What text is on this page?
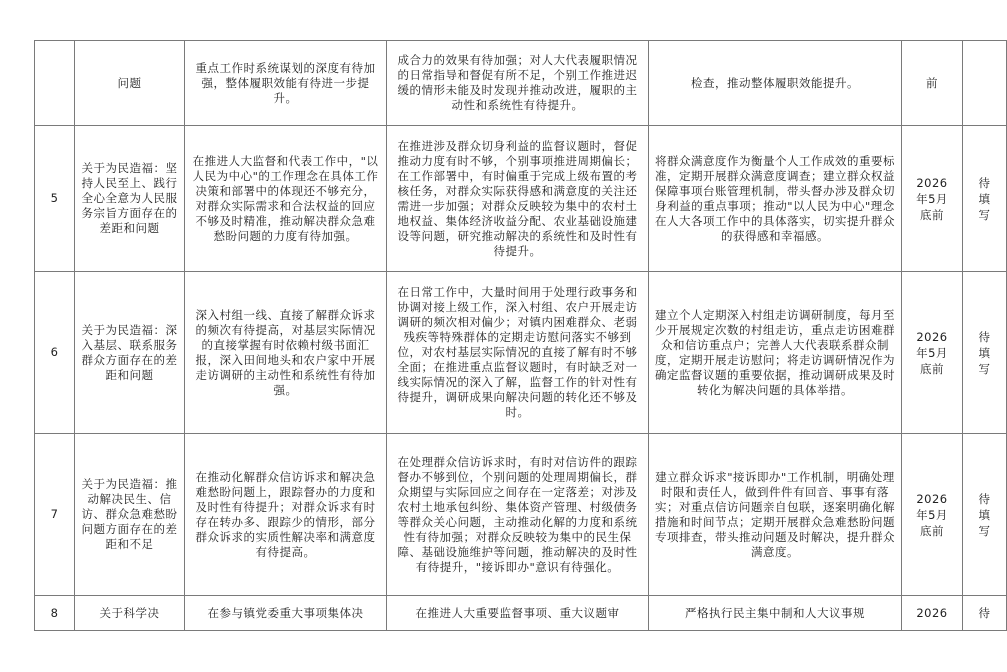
	问题	重点工作时系统谋划的深度有待加强，整体履职效能有待进一步提升。	成合力的效果有待加强；对人大代表履职情况的日常指导和督促有所不足，个别工作推进迟缓的情形未能及时发现并推动改进，履职的主动性和系统性有待提升。	检查，推动整体履职效能提升。	前	
5	关于为民造福：坚持人民至上、践行全心全意为人民服务宗旨方面存在的差距和问题	在推进人大监督和代表工作中，"以人民为中心"的工作理念在具体工作决策和部署中的体现还不够充分，对群众实际需求和合法权益的回应不够及时精准，推动解决群众急难愁盼问题的力度有待加强。	在推进涉及群众切身利益的监督议题时，督促推动力度有时不够，个别事项推进周期偏长；在工作部署中，有时偏重于完成上级布置的考核任务，对群众实际获得感和满意度的关注还需进一步加强；对群众反映较为集中的农村土地权益、集体经济收益分配、农业基础设施建设等问题，研究推动解决的系统性和及时性有待提升。	将群众满意度作为衡量个人工作成效的重要标准，定期开展群众满意度调查；建立群众权益保障事项台账管理机制，带头督办涉及群众切身利益的重点事项；推动"以人民为中心"理念在人大各项工作中的具体落实，切实提升群众的获得感和幸福感。	2026年5月底前	待填写
6	关于为民造福：深入基层、联系服务群众方面存在的差距和问题	深入村组一线、直接了解群众诉求的频次有待提高，对基层实际情况的直接掌握有时依赖村级书面汇报，深入田间地头和农户家中开展走访调研的主动性和系统性有待加强。	在日常工作中，大量时间用于处理行政事务和协调对接上级工作，深入村组、农户开展走访调研的频次相对偏少；对镇内困难群众、老弱残疾等特殊群体的定期走访慰问落实不够到位，对农村基层实际情况的直接了解有时不够全面；在推进重点监督议题时，有时缺乏对一线实际情况的深入了解，监督工作的针对性有待提升，调研成果向解决问题的转化还不够及时。	建立个人定期深入村组走访调研制度，每月至少开展规定次数的村组走访，重点走访困难群众和信访重点户；完善人大代表联系群众制度，定期开展走访慰问；将走访调研情况作为确定监督议题的重要依据，推动调研成果及时转化为解决问题的具体举措。	2026年5月底前	待填写
7	关于为民造福：推动解决民生、信访、群众急难愁盼问题方面存在的差距和不足	在推动化解群众信访诉求和解决急难愁盼问题上，跟踪督办的力度和及时性有待提升；对群众诉求有时存在转办多、跟踪少的情形，部分群众诉求的实质性解决率和满意度有待提高。	在处理群众信访诉求时，有时对信访件的跟踪督办不够到位，个别问题的处理周期偏长，群众期望与实际回应之间存在一定落差；对涉及农村土地承包纠纷、集体资产管理、村级债务等群众关心问题，主动推动化解的力度和系统性有待加强；对群众反映较为集中的民生保障、基础设施维护等问题，推动解决的及时性有待提升，"接诉即办"意识有待强化。	建立群众诉求"接诉即办"工作机制，明确处理时限和责任人，做到件件有回音、事事有落实；对重点信访问题亲自包联，逐案明确化解措施和时间节点；定期开展群众急难愁盼问题专项排查，带头推动问题及时解决，提升群众满意度。	2026年5月底前	待填写
8	关于科学决	在参与镇党委重大事项集体决	在推进人大重要监督事项、重大议题审	严格执行民主集中制和人大议事规	2026	待
